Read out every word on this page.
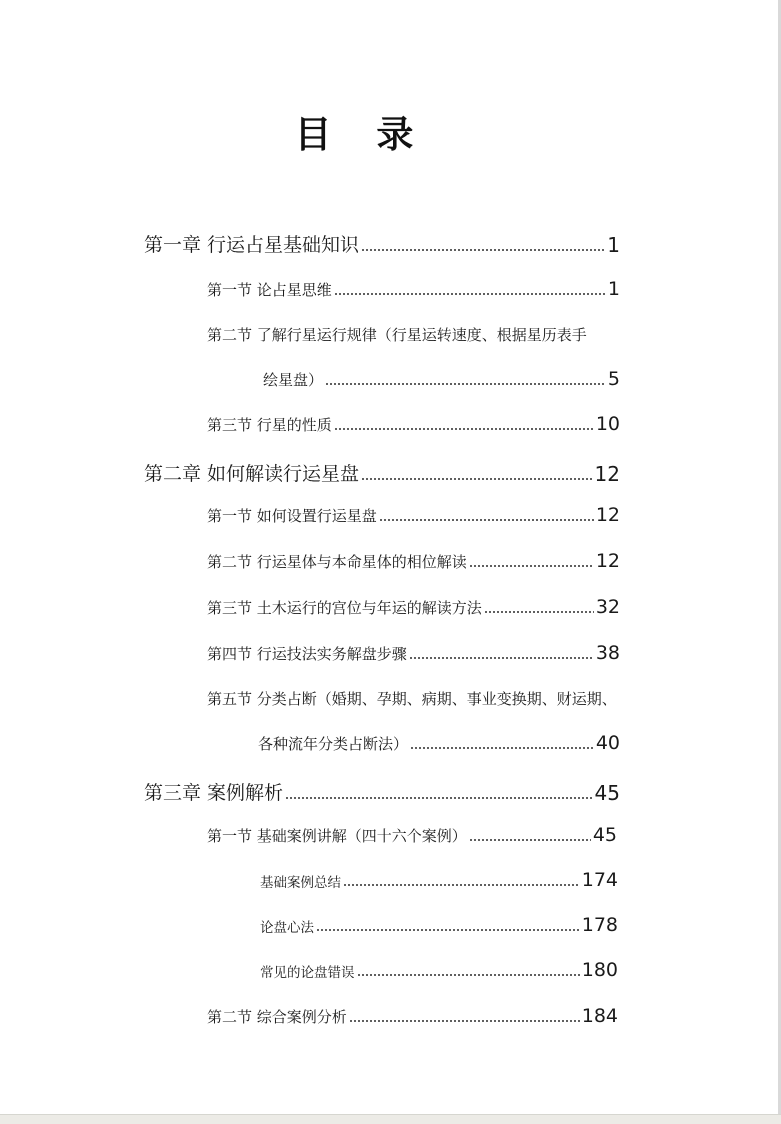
目 录
第一章 行运占星基础知识	1
第一节 论占星思维	1
第二节 了解行星运行规律（行星运转速度、根据星历表手
绘星盘）	5
第三节 行星的性质	10
第二章 如何解读行运星盘	12
第一节 如何设置行运星盘	12
第二节 行运星体与本命星体的相位解读	12
第三节 土木运行的宫位与年运的解读方法	32
第四节 行运技法实务解盘步骤	38
第五节 分类占断（婚期、孕期、病期、事业变换期、财运期、
各种流年分类占断法）	40
第三章 案例解析	45
第一节 基础案例讲解（四十六个案例）	45
基础案例总结	174
论盘心法	178
常见的论盘错误	180
第二节 综合案例分析	184
